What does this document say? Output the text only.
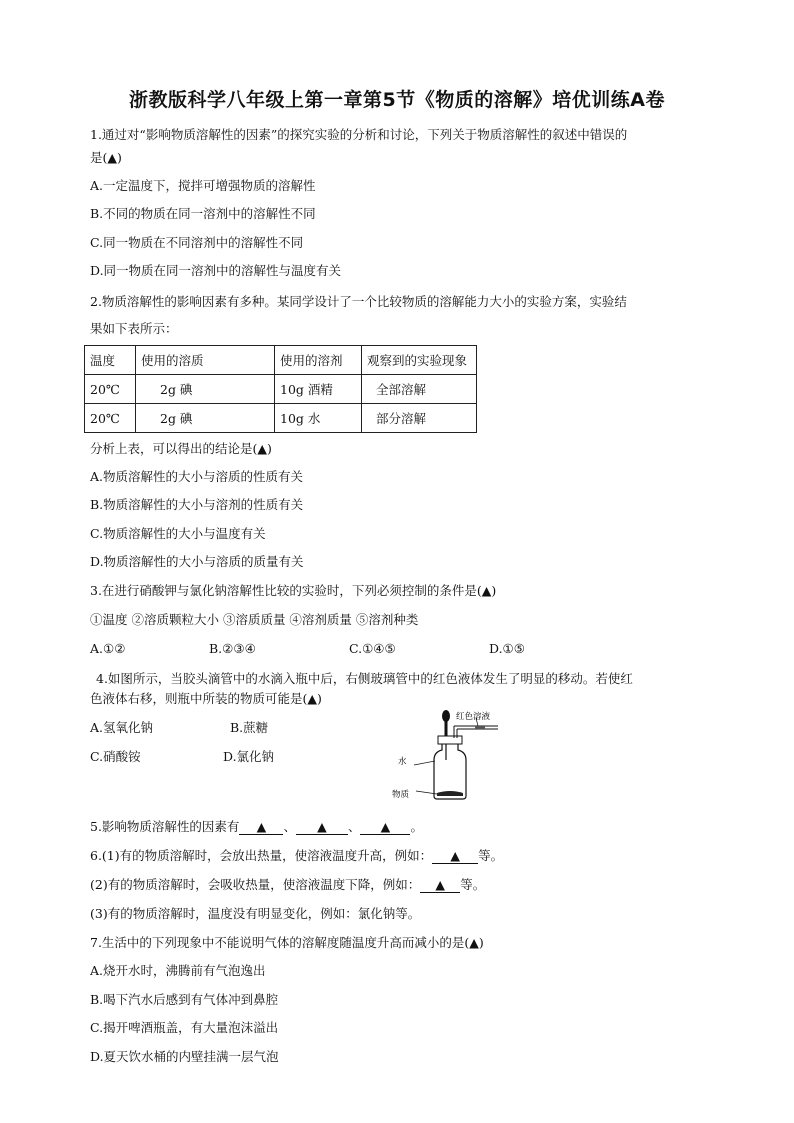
浙教版科学八年级上第一章第5节《物质的溶解》培优训练A卷
1.通过对“影响物质溶解性的因素”的探究实验的分析和讨论，下列关于物质溶解性的叙述中错误的
是(▲)
A.一定温度下，搅拌可增强物质的溶解性
B.不同的物质在同一溶剂中的溶解性不同
C.同一物质在不同溶剂中的溶解性不同
D.同一物质在同一溶剂中的溶解性与温度有关
2.物质溶解性的影响因素有多种。某同学设计了一个比较物质的溶解能力大小的实验方案，实验结
果如下表所示：
温度	使用的溶质	使用的溶剂	观察到的实验现象
20℃	2g 碘	10g 酒精	全部溶解
20℃	2g 碘	10g 水	部分溶解
分析上表，可以得出的结论是(▲)
A.物质溶解性的大小与溶质的性质有关
B.物质溶解性的大小与溶剂的性质有关
C.物质溶解性的大小与温度有关
D.物质溶解性的大小与溶质的质量有关
3.在进行硝酸钾与氯化钠溶解性比较的实验时，下列必须控制的条件是(▲)
①温度 ②溶质颗粒大小 ③溶质质量 ④溶剂质量 ⑤溶剂种类
A.①②	B.②③④	C.①④⑤	D.①⑤
4.如图所示，当胶头滴管中的水滴入瓶中后，右侧玻璃管中的红色液体发生了明显的移动。若使红
色液体右移，则瓶中所装的物质可能是(▲)
A.氢氧化钠	B.蔗糖
C.硝酸铵	D.氯化钠
红色溶液
水
物质
5.影响物质溶解性的因素有 ▲ 、 ▲ 、 ▲ 。
6.(1)有的物质溶解时，会放出热量，使溶液温度升高，例如： ▲ 等。
(2)有的物质溶解时，会吸收热量，使溶液温度下降，例如： ▲ 等。
(3)有的物质溶解时，温度没有明显变化，例如：氯化钠等。
7.生活中的下列现象中不能说明气体的溶解度随温度升高而减小的是(▲)
A.烧开水时，沸腾前有气泡逸出
B.喝下汽水后感到有气体冲到鼻腔
C.揭开啤酒瓶盖，有大量泡沫溢出
D.夏天饮水桶的内壁挂满一层气泡
